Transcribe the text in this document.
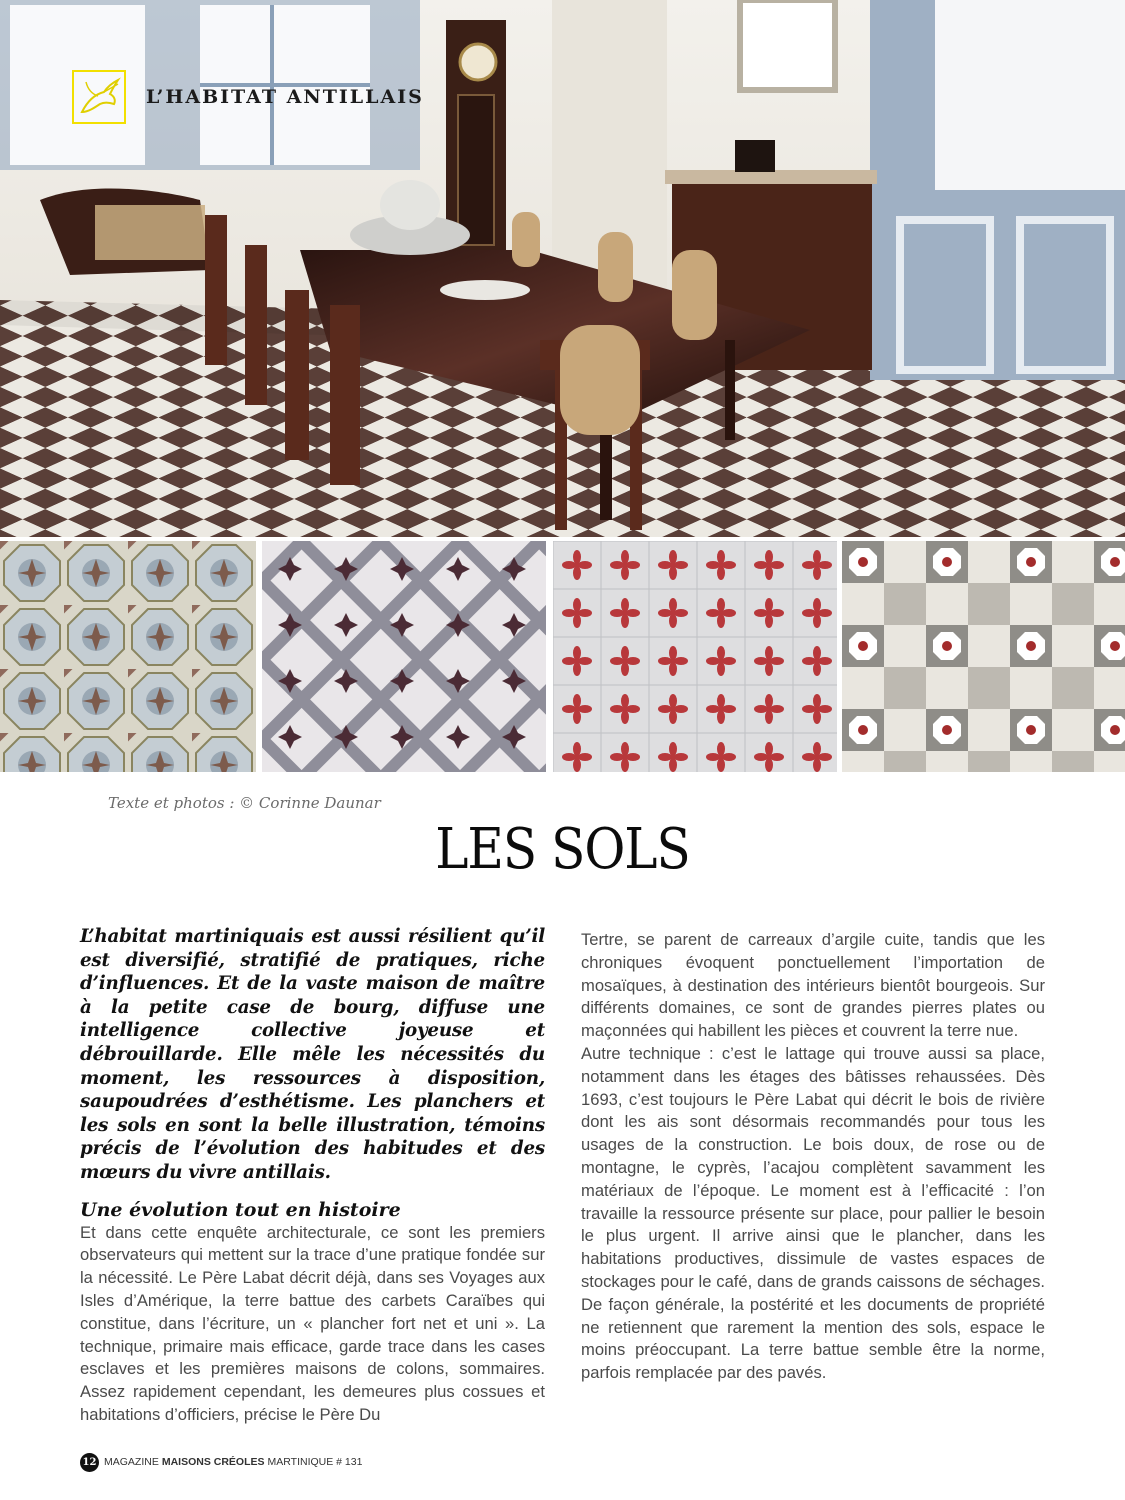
L’HABITAT ANTILLAIS
Texte et photos : © Corinne Daunar
LES SOLS

L’habitat martiniquais est aussi résilient qu’il est diversifié, stratifié de pratiques, riche d’influences. Et de la vaste maison de maître à la petite case de bourg, diffuse une intelligence collective joyeuse et débrouillarde. Elle mêle les nécessités du moment, les ressources à disposition, saupoudrées d’esthétisme. Les planchers et les sols en sont la belle illustration, témoins précis de l’évolution des habitudes et des mœurs du vivre antillais.

Une évolution tout en histoire

Et dans cette enquête architecturale, ce sont les premiers observateurs qui mettent sur la trace d’une pratique fondée sur la nécessité. Le Père Labat décrit déjà, dans ses Voyages aux Isles d’Amérique, la terre battue des carbets Caraïbes qui constitue, dans l’écriture, un « plancher fort net et uni ». La technique, primaire mais efficace, garde trace dans les cases esclaves et les premières maisons de colons, sommaires. Assez rapidement cependant, les demeures plus cossues et habitations d’officiers, précise le Père Du

Tertre, se parent de carreaux d’argile cuite, tandis que les chroniques évoquent ponctuellement l’importation de mosaïques, à destination des intérieurs bientôt bourgeois. Sur différents domaines, ce sont de grandes pierres plates ou maçonnées qui habillent les pièces et couvrent la terre nue.

Autre technique : c’est le lattage qui trouve aussi sa place, notamment dans les étages des bâtisses rehaussées. Dès 1693, c’est toujours le Père Labat qui décrit le bois de rivière dont les ais sont désormais recommandés pour tous les usages de la construction. Le bois doux, de rose ou de montagne, le cyprès, l’acajou complètent savamment les matériaux de l’époque. Le moment est à l’efficacité : l’on travaille la ressource présente sur place, pour pallier le besoin le plus urgent. Il arrive ainsi que le plancher, dans les habitations productives, dissimule de vastes espaces de stockages pour le café, dans de grands caissons de séchages. De façon générale, la postérité et les documents de propriété ne retiennent que rarement la mention des sols, espace le moins préoccupant. La terre battue semble être la norme, parfois remplacée par des pavés.

12 MAGAZINE MAISONS CRÉOLES MARTINIQUE # 131
